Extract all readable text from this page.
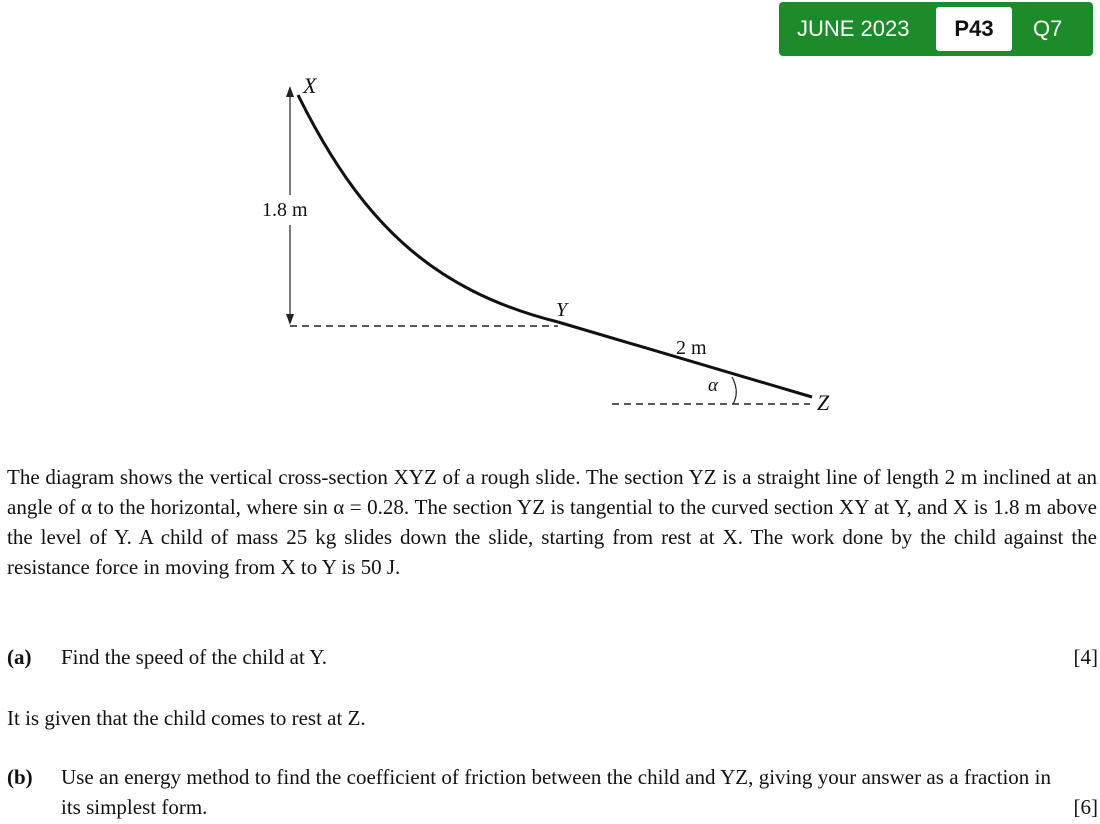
JUNE 2023	P43	Q7
X
Y
Z
1.8 m
2 m
α
The diagram shows the vertical cross-section XYZ of a rough slide. The section YZ is a straight line of length 2 m inclined at an angle of α to the horizontal, where sin α = 0.28. The section YZ is tangential to the curved section XY at Y, and X is 1.8 m above the level of Y. A child of mass 25 kg slides down the slide, starting from rest at X. The work done by the child against the resistance force in moving from X to Y is 50 J.
(a) Find the speed of the child at Y.	[4]
It is given that the child comes to rest at Z.
(b) Use an energy method to find the coefficient of friction between the child and YZ, giving your answer as a fraction in its simplest form.	[6]
